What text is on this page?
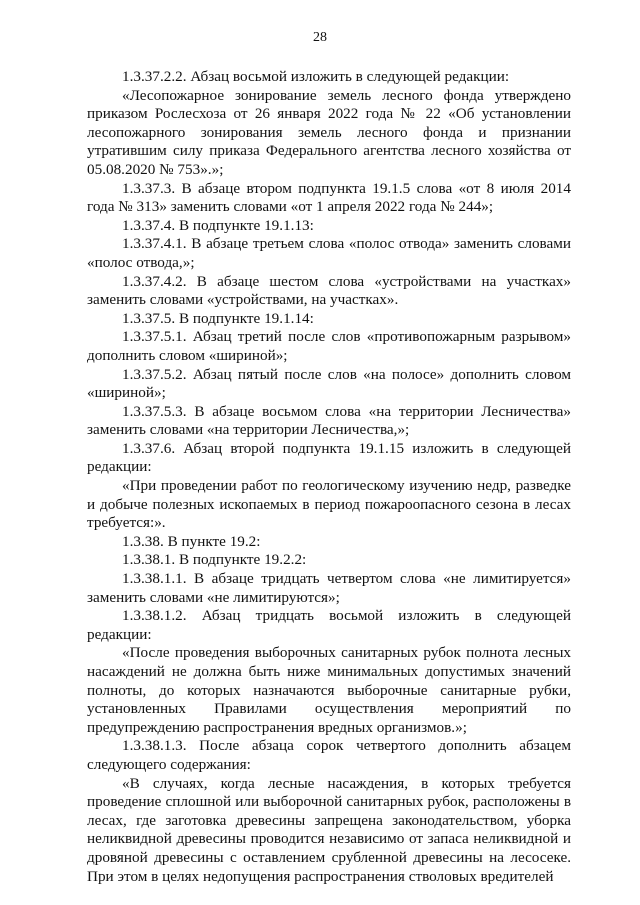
28

1.3.37.2.2. Абзац восьмой изложить в следующей редакции:

«Лесопожарное зонирование земель лесного фонда утверждено приказом Рослесхоза от 26 января 2022 года № 22 «Об установлении лесопожарного зонирования земель лесного фонда и признании утратившим силу приказа Федерального агентства лесного хозяйства от 05.08.2020 № 753».»;

1.3.37.3. В абзаце втором подпункта 19.1.5 слова «от 8 июля 2014 года № 313» заменить словами «от 1 апреля 2022 года № 244»;

1.3.37.4. В подпункте 19.1.13:

1.3.37.4.1. В абзаце третьем слова «полос отвода» заменить словами «полос отвода,»;

1.3.37.4.2. В абзаце шестом слова «устройствами на участках» заменить словами «устройствами, на участках».

1.3.37.5. В подпункте 19.1.14:

1.3.37.5.1. Абзац третий после слов «противопожарным разрывом» дополнить словом «шириной»;

1.3.37.5.2. Абзац пятый после слов «на полосе» дополнить словом «шириной»;

1.3.37.5.3. В абзаце восьмом слова «на территории Лесничества» заменить словами «на территории Лесничества,»;

1.3.37.6. Абзац второй подпункта 19.1.15 изложить в следующей редакции:

«При проведении работ по геологическому изучению недр, разведке и добыче полезных ископаемых в период пожароопасного сезона в лесах требуется:».

1.3.38. В пункте 19.2:

1.3.38.1. В подпункте 19.2.2:

1.3.38.1.1. В абзаце тридцать четвертом слова «не лимитируется» заменить словами «не лимитируются»;

1.3.38.1.2. Абзац тридцать восьмой изложить в следующей редакции:

«После проведения выборочных санитарных рубок полнота лесных насаждений не должна быть ниже минимальных допустимых значений полноты, до которых назначаются выборочные санитарные рубки, установленных Правилами осуществления мероприятий по предупреждению распространения вредных организмов.»;

1.3.38.1.3. После абзаца сорок четвертого дополнить абзацем следующего содержания:

«В случаях, когда лесные насаждения, в которых требуется проведение сплошной или выборочной санитарных рубок, расположены в лесах, где заготовка древесины запрещена законодательством, уборка неликвидной древесины проводится независимо от запаса неликвидной и дровяной древесины с оставлением срубленной древесины на лесосеке. При этом в целях недопущения распространения стволовых вредителей
